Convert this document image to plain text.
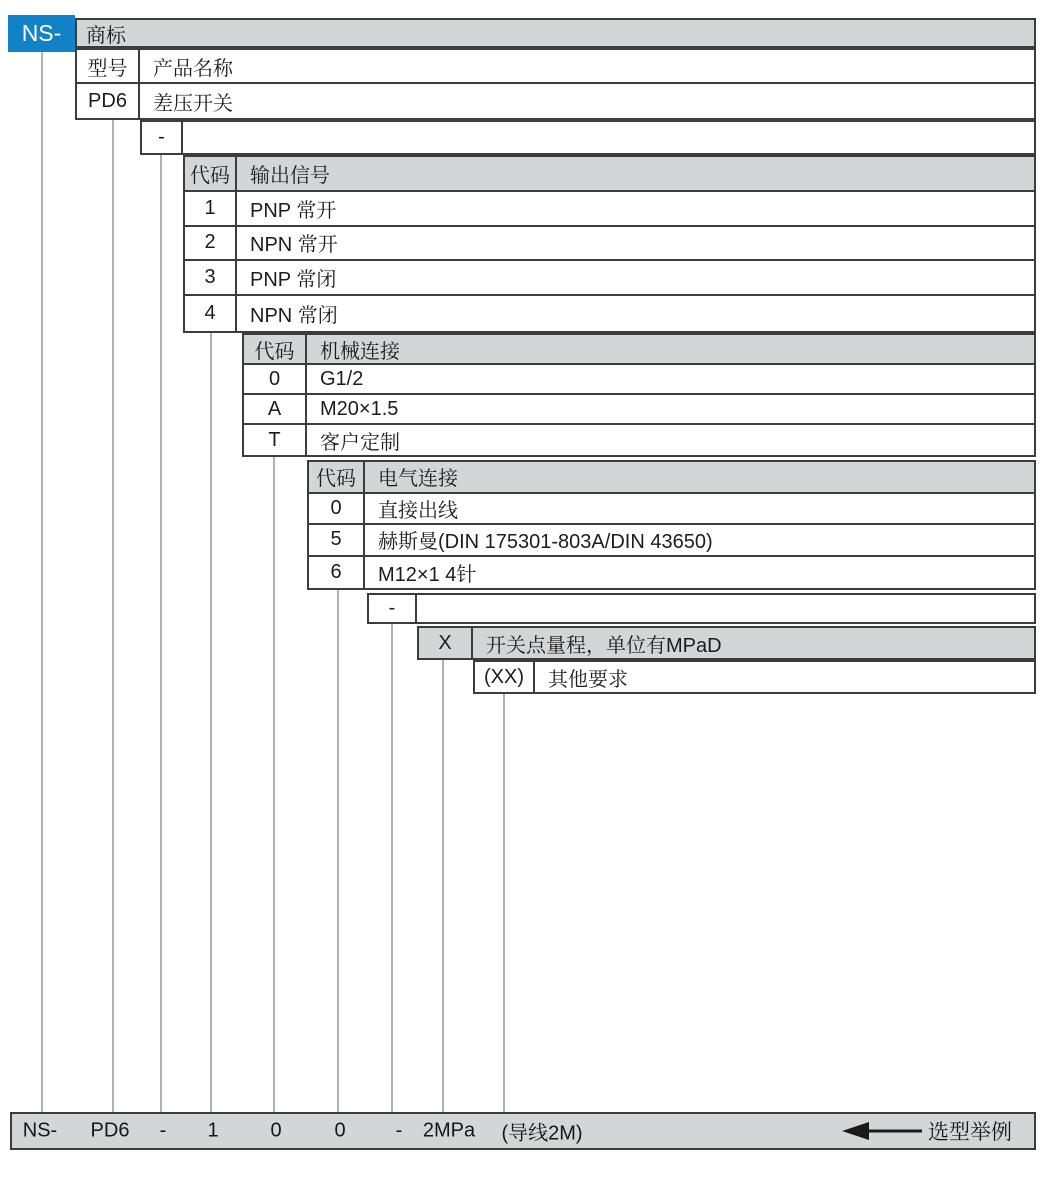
NS-	商标
型号	产品名称
PD6	差压开关
-
代码	输出信号
1	PNP 常开
2	NPN 常开
3	PNP 常闭
4	NPN 常闭
代码	机械连接
0	G1/2
A	M20×1.5
T	客户定制
代码	电气连接
0	直接出线
5	赫斯曼(DIN 175301-803A/DIN 43650)
6	M12×1 4针
-
X	开关点量程，单位有MPaD
(XX)	其他要求
NS- PD6 - 1	0	0	- 2MPa (导线2M)	选型举例
